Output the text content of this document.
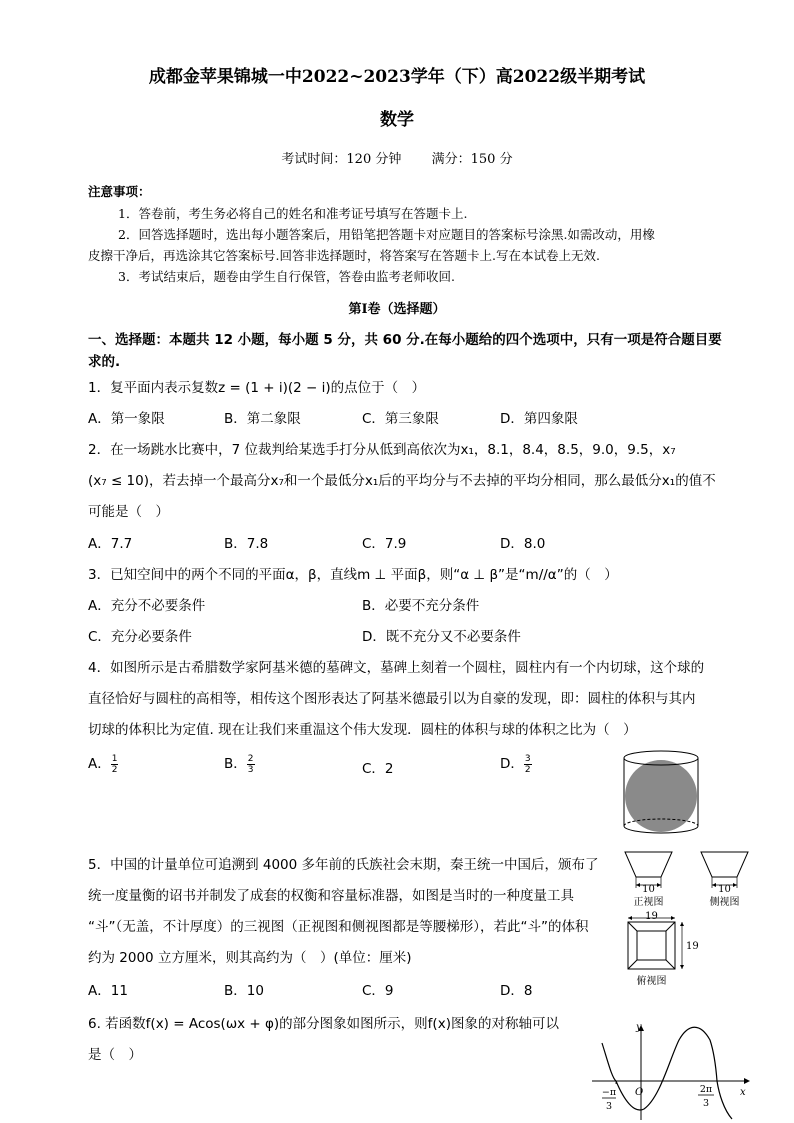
成都金苹果锦城一中2022~2023学年（下）高2022级半期考试
数学
考试时间：120 分钟 满分：150 分
注意事项：
1．答卷前，考生务必将自己的姓名和准考证号填写在答题卡上.
2．回答选择题时，选出每小题答案后，用铅笔把答题卡对应题目的答案标号涂黑.如需改动，用橡
皮擦干净后，再选涂其它答案标号.回答非选择题时，将答案写在答题卡上.写在本试卷上无效.
3．考试结束后，题卷由学生自行保管，答卷由监考老师收回.
第Ⅰ卷（选择题）
一、选择题：本题共 12 小题，每小题 5 分，共 60 分.在每小题给的四个选项中，只有一项是符合题目要
求的.
1．复平面内表示复数z = (1 + i)(2 − i)的点位于（　）
A．第一象限	B．第二象限	C．第三象限	D．第四象限
2．在一场跳水比赛中，7 位裁判给某选手打分从低到高依次为x₁，8.1，8.4，8.5，9.0，9.5，x₇
(x₇ ≤ 10)，若去掉一个最高分x₇和一个最低分x₁后的平均分与不去掉的平均分相同，那么最低分x₁的值不
可能是（　）
A．7.7	B．7.8	C．7.9	D．8.0
3．已知空间中的两个不同的平面α，β，直线m ⊥ 平面β，则“α ⊥ β”是“m//α”的（　）
A．充分不必要条件	B．必要不充分条件
C．充分必要条件	D．既不充分又不必要条件
4．如图所示是古希腊数学家阿基米德的墓碑文，墓碑上刻着一个圆柱，圆柱内有一个内切球，这个球的
直径恰好与圆柱的高相等，相传这个图形表达了阿基米德最引以为自豪的发现，即：圆柱的体积与其内
切球的体积比为定值. 现在让我们来重温这个伟大发现．圆柱的体积与球的体积之比为（　）
A． $\frac{1}{2}$	B． $\frac{2}{3}$	C．2	D． $\frac{3}{2}$
5．中国的计量单位可追溯到 4000 多年前的氏族社会末期，秦王统一中国后，颁布了
统一度量衡的诏书并制发了成套的权衡和容量标准器，如图是当时的一种度量工具
“斗”（无盖，不计厚度）的三视图（正视图和侧视图都是等腰梯形），若此“斗”的体积
约为 2000 立方厘米，则其高约为（　）(单位：厘米)
A．11	B．10	C．9	D．8
10
正视图
10
侧视图
19
19
俯视图
6. 若函数f(x) = Acos(ωx + φ)的部分图象如图所示，则f(x)图象的对称轴可以
是（　）
y
x
O
−π
3
2π
3
